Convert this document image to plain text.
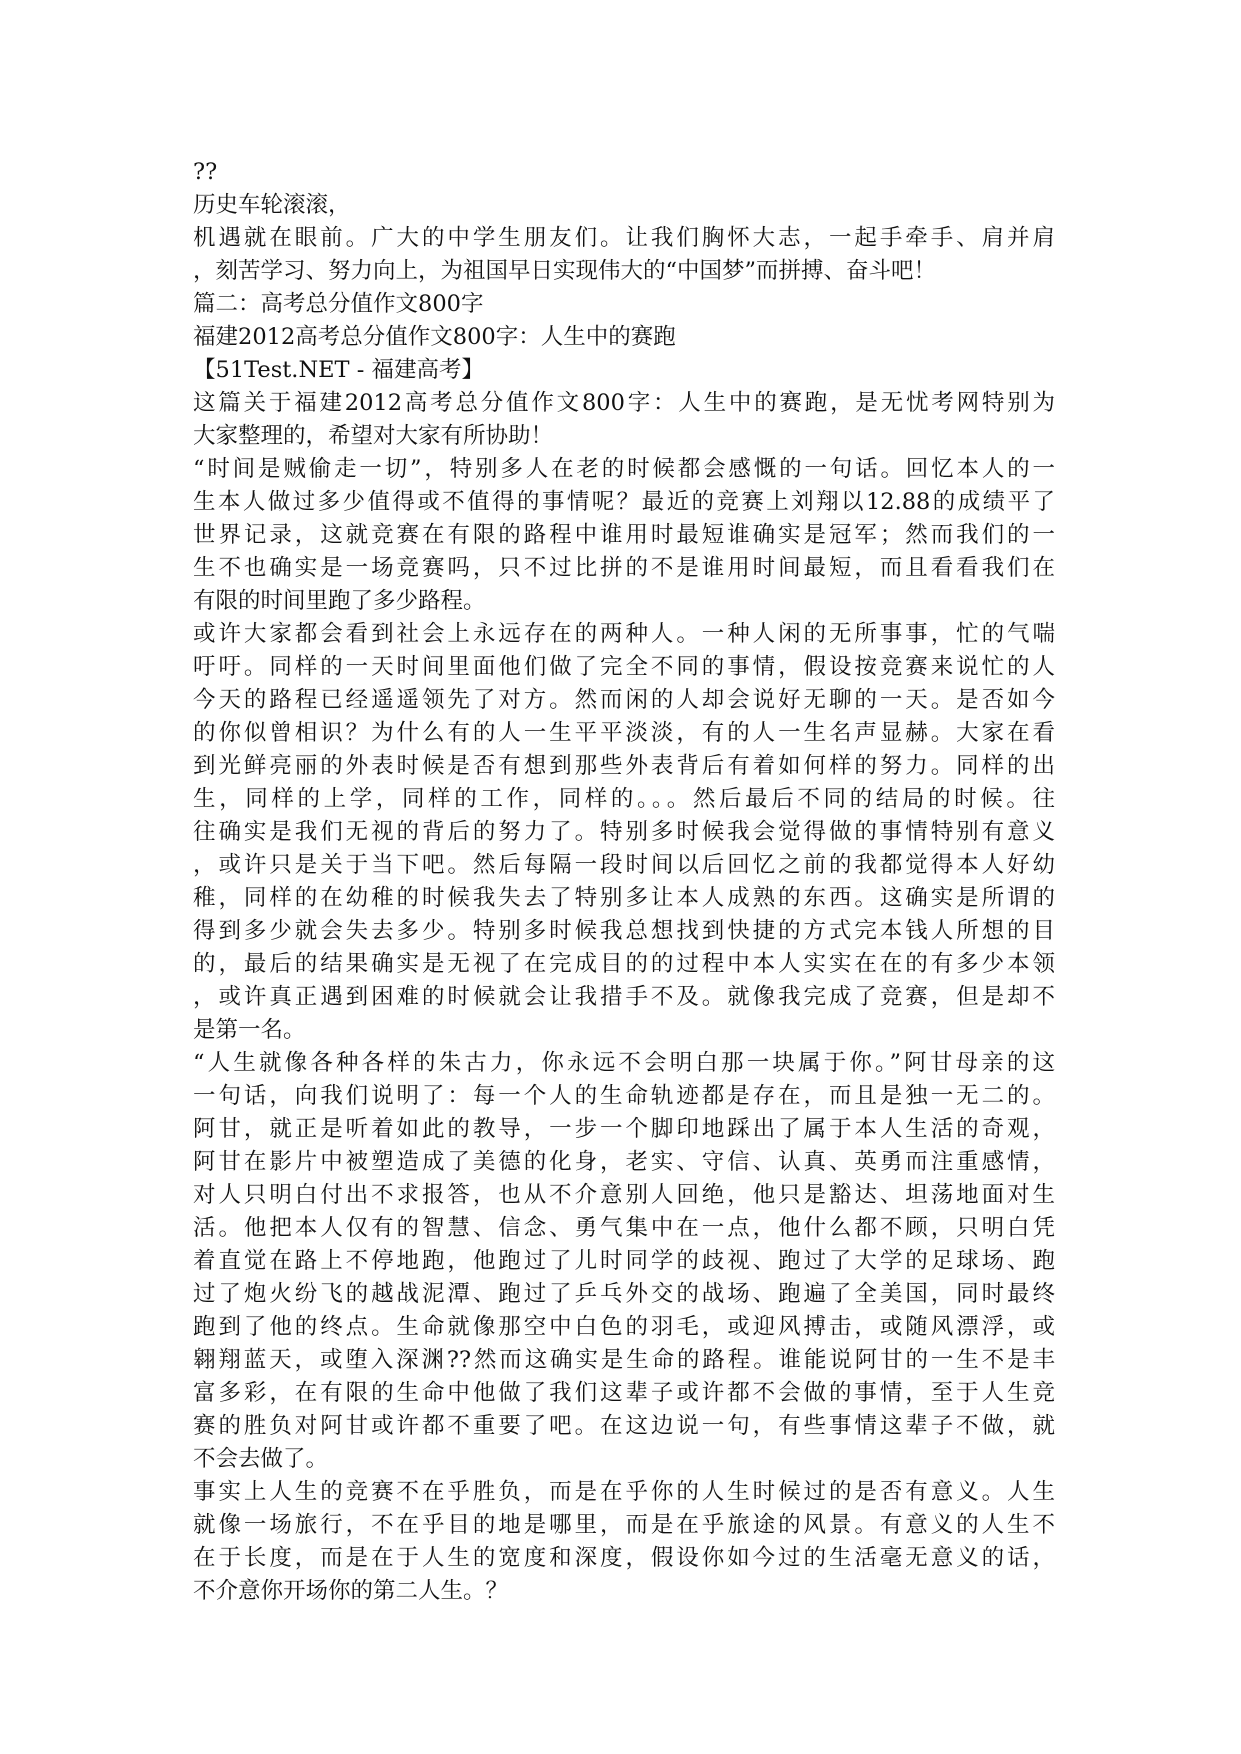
??
历史车轮滚滚，
机遇就在眼前。广大的中学生朋友们。让我们胸怀大志，一起手牵手、肩并肩
，刻苦学习、努力向上，为祖国早日实现伟大的“中国梦”而拼搏、奋斗吧！
篇二：高考总分值作文800字
福建2012高考总分值作文800字：人生中的赛跑
【51Test.NET - 福建高考】
这篇关于福建2012高考总分值作文800字：人生中的赛跑，是无忧考网特别为
大家整理的，希望对大家有所协助！
“时间是贼偷走一切”，特别多人在老的时候都会感慨的一句话。回忆本人的一
生本人做过多少值得或不值得的事情呢？最近的竞赛上刘翔以12.88的成绩平了
世界记录，这就竞赛在有限的路程中谁用时最短谁确实是冠军；然而我们的一
生不也确实是一场竞赛吗，只不过比拼的不是谁用时间最短，而且看看我们在
有限的时间里跑了多少路程。
或许大家都会看到社会上永远存在的两种人。一种人闲的无所事事，忙的气喘
吁吁。同样的一天时间里面他们做了完全不同的事情，假设按竞赛来说忙的人
今天的路程已经遥遥领先了对方。然而闲的人却会说好无聊的一天。是否如今
的你似曾相识？为什么有的人一生平平淡淡，有的人一生名声显赫。大家在看
到光鲜亮丽的外表时候是否有想到那些外表背后有着如何样的努力。同样的出
生，同样的上学，同样的工作，同样的。。。然后最后不同的结局的时候。往
往确实是我们无视的背后的努力了。特别多时候我会觉得做的事情特别有意义
，或许只是关于当下吧。然后每隔一段时间以后回忆之前的我都觉得本人好幼
稚，同样的在幼稚的时候我失去了特别多让本人成熟的东西。这确实是所谓的
得到多少就会失去多少。特别多时候我总想找到快捷的方式完本钱人所想的目
的，最后的结果确实是无视了在完成目的的过程中本人实实在在的有多少本领
，或许真正遇到困难的时候就会让我措手不及。就像我完成了竞赛，但是却不
是第一名。
“人生就像各种各样的朱古力，你永远不会明白那一块属于你。”阿甘母亲的这
一句话，向我们说明了：每一个人的生命轨迹都是存在，而且是独一无二的。
阿甘，就正是听着如此的教导，一步一个脚印地踩出了属于本人生活的奇观，
阿甘在影片中被塑造成了美德的化身，老实、守信、认真、英勇而注重感情，
对人只明白付出不求报答，也从不介意别人回绝，他只是豁达、坦荡地面对生
活。他把本人仅有的智慧、信念、勇气集中在一点，他什么都不顾，只明白凭
着直觉在路上不停地跑，他跑过了儿时同学的歧视、跑过了大学的足球场、跑
过了炮火纷飞的越战泥潭、跑过了乒乓外交的战场、跑遍了全美国，同时最终
跑到了他的终点。生命就像那空中白色的羽毛，或迎风搏击，或随风漂浮，或
翱翔蓝天，或堕入深渊??然而这确实是生命的路程。谁能说阿甘的一生不是丰
富多彩，在有限的生命中他做了我们这辈子或许都不会做的事情，至于人生竞
赛的胜负对阿甘或许都不重要了吧。在这边说一句，有些事情这辈子不做，就
不会去做了。
事实上人生的竞赛不在乎胜负，而是在乎你的人生时候过的是否有意义。人生
就像一场旅行，不在乎目的地是哪里，而是在乎旅途的风景。有意义的人生不
在于长度，而是在于人生的宽度和深度，假设你如今过的生活毫无意义的话，
不介意你开场你的第二人生。？
